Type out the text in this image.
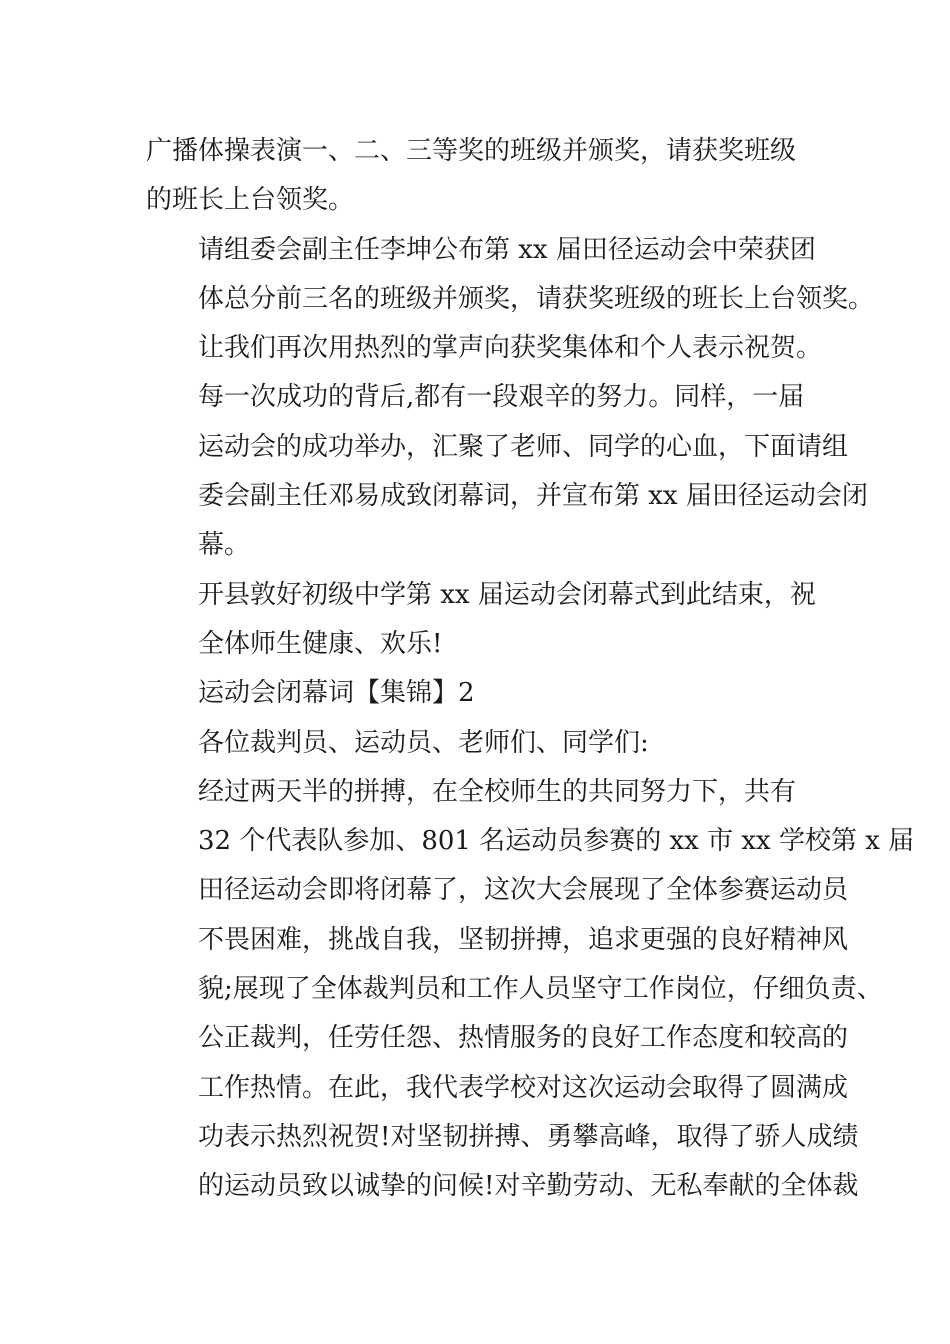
广播体操表演一、二、三等奖的班级并颁奖，请获奖班级
的班长上台领奖。
请组委会副主任李坤公布第 xx 届田径运动会中荣获团
体总分前三名的班级并颁奖，请获奖班级的班长上台领奖。
让我们再次用热烈的掌声向获奖集体和个人表示祝贺。
每一次成功的背后,都有一段艰辛的努力。同样，一届
运动会的成功举办，汇聚了老师、同学的心血，下面请组
委会副主任邓易成致闭幕词，并宣布第 xx 届田径运动会闭
幕。
开县敦好初级中学第 xx 届运动会闭幕式到此结束，祝
全体师生健康、欢乐!
运动会闭幕词【集锦】2
各位裁判员、运动员、老师们、同学们:
经过两天半的拼搏，在全校师生的共同努力下，共有
32 个代表队参加、801 名运动员参赛的 xx 市 xx 学校第 x 届
田径运动会即将闭幕了，这次大会展现了全体参赛运动员
不畏困难，挑战自我，坚韧拼搏，追求更强的良好精神风
貌;展现了全体裁判员和工作人员坚守工作岗位，仔细负责、
公正裁判，任劳任怨、热情服务的良好工作态度和较高的
工作热情。在此，我代表学校对这次运动会取得了圆满成
功表示热烈祝贺!对坚韧拼搏、勇攀高峰，取得了骄人成绩
的运动员致以诚挚的问候!对辛勤劳动、无私奉献的全体裁
